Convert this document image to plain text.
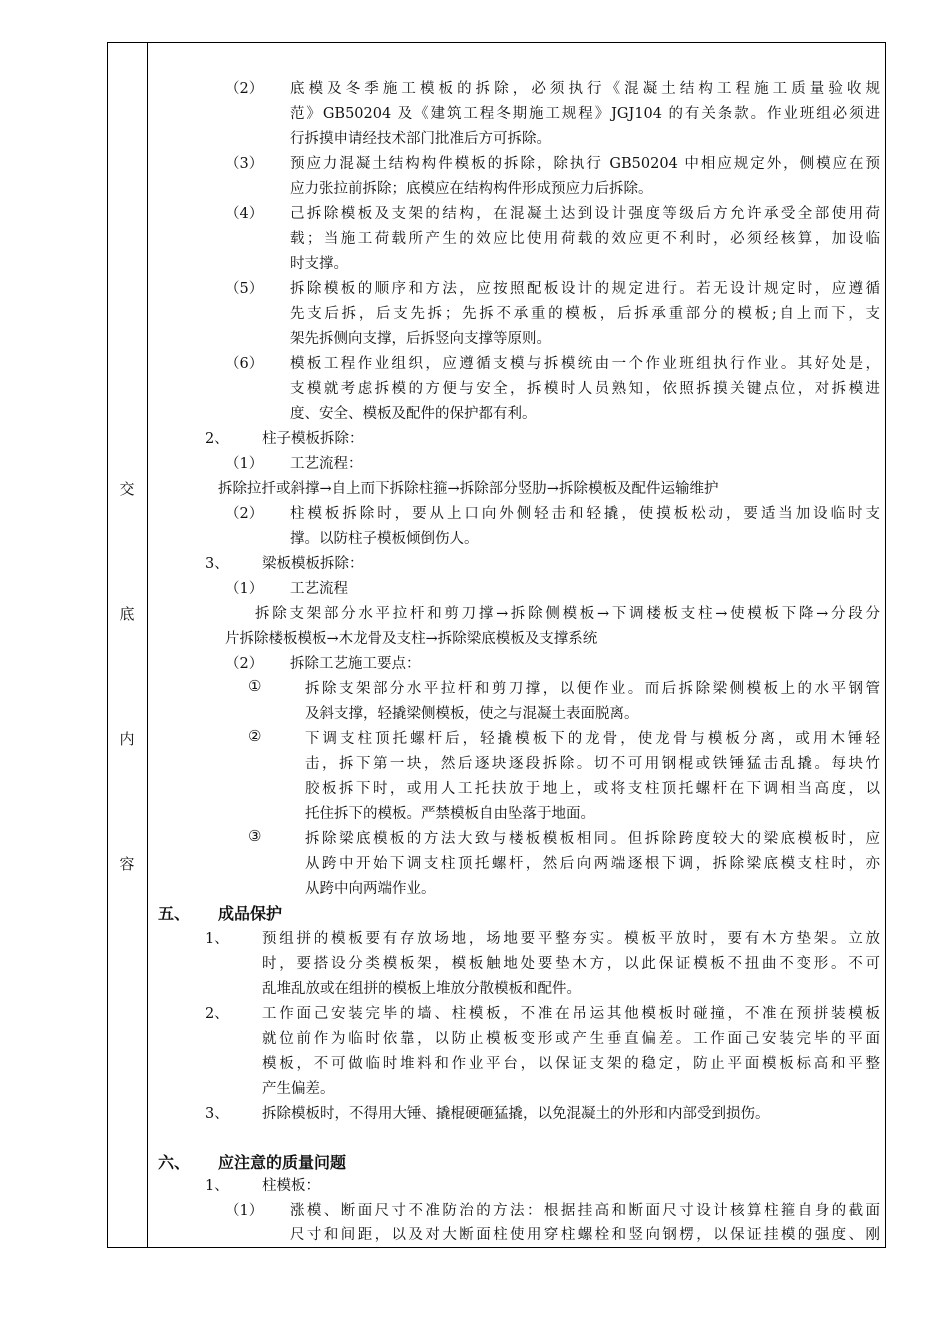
交
底
内
容
（2） 底模及冬季施工模板的拆除，必须执行《混凝土结构工程施工质量验收规
范》GB50204 及《建筑工程冬期施工规程》JGJ104 的有关条款。作业班组必须进
行拆摸申请经技术部门批准后方可拆除。
（3） 预应力混凝土结构构件模板的拆除，除执行 GB50204 中相应规定外，侧模应在预
应力张拉前拆除；底模应在结构构件形成预应力后拆除。
（4） 己拆除模板及支架的结构，在混凝土达到设计强度等级后方允许承受全部使用荷
载；当施工荷载所产生的效应比使用荷载的效应更不利时，必须经核算，加设临
时支撑。
（5） 拆除模板的顺序和方法，应按照配板设计的规定进行。若无设计规定时，应遵循
先支后拆，后支先拆；先拆不承重的模板，后拆承重部分的模板;自上而下，支
架先拆侧向支撑，后拆竖向支撑等原则。
（6） 模板工程作业组织，应遵循支模与拆模统由一个作业班组执行作业。其好处是，
支模就考虑拆模的方便与安全，拆模时人员熟知，依照拆摸关键点位，对拆模进
度、安全、模板及配件的保护都有利。
2、 柱子模板拆除：
（1） 工艺流程：
拆除拉扦或斜撑→自上而下拆除柱箍→拆除部分竖肋→拆除模板及配件运输维护
（2） 柱模板拆除时，要从上口向外侧轻击和轻撬，使摸板松动，要适当加设临时支
撑。以防柱子模板倾倒伤人。
3、 梁板模板拆除：
（1） 工艺流程
拆除支架部分水平拉杆和剪刀撑→拆除侧模板→下调楼板支柱→使模板下降→分段分
片拆除楼板模板→木龙骨及支柱→拆除梁底模板及支撑系统
（2） 拆除工艺施工要点：
①	拆除支架部分水平拉杆和剪刀撑，以便作业。而后拆除梁侧模板上的水平钢管
及斜支撑，轻撬梁侧模板，使之与混凝土表面脱离。
②	下调支柱顶托螺杆后，轻撬模板下的龙骨，使龙骨与模板分离，或用木锤轻
击，拆下第一块，然后逐块逐段拆除。切不可用钢棍或铁锤猛击乱撬。每块竹
胶板拆下时，或用人工托扶放于地上，或将支柱顶托螺杆在下调相当高度，以
托住拆下的模板。严禁模板自由坠落于地面。
③	拆除梁底模板的方法大致与楼板模板相同。但拆除跨度较大的梁底模板时，应
从跨中开始下调支柱顶托螺杆，然后向两端逐根下调，拆除梁底模支柱时，亦
从跨中向两端作业。
五、 成品保护
1、 预组拼的模板要有存放场地，场地要平整夯实。模板平放时，要有木方垫架。立放
时，要搭设分类模板架，模板触地处要垫木方，以此保证模板不扭曲不变形。不可
乱堆乱放或在组拼的模板上堆放分散模板和配件。
2、 工作面己安装完毕的墙、柱模板，不准在吊运其他模板时碰撞，不准在预拼装模板
就位前作为临时依靠，以防止模板变形或产生垂直偏差。工作面己安装完毕的平面
模板，不可做临时堆料和作业平台，以保证支架的稳定，防止平面模板标高和平整
产生偏差。
3、 拆除模板时，不得用大锤、撬棍硬砸猛撬，以免混凝土的外形和内部受到损伤。
六、 应注意的质量问题
1、 柱模板：
（1） 涨模、断面尺寸不准防治的方法：根据挂高和断面尺寸设计核算柱箍自身的截面
尺寸和间距，以及对大断面柱使用穿柱螺栓和竖向钢楞，以保证挂模的强度、刚
